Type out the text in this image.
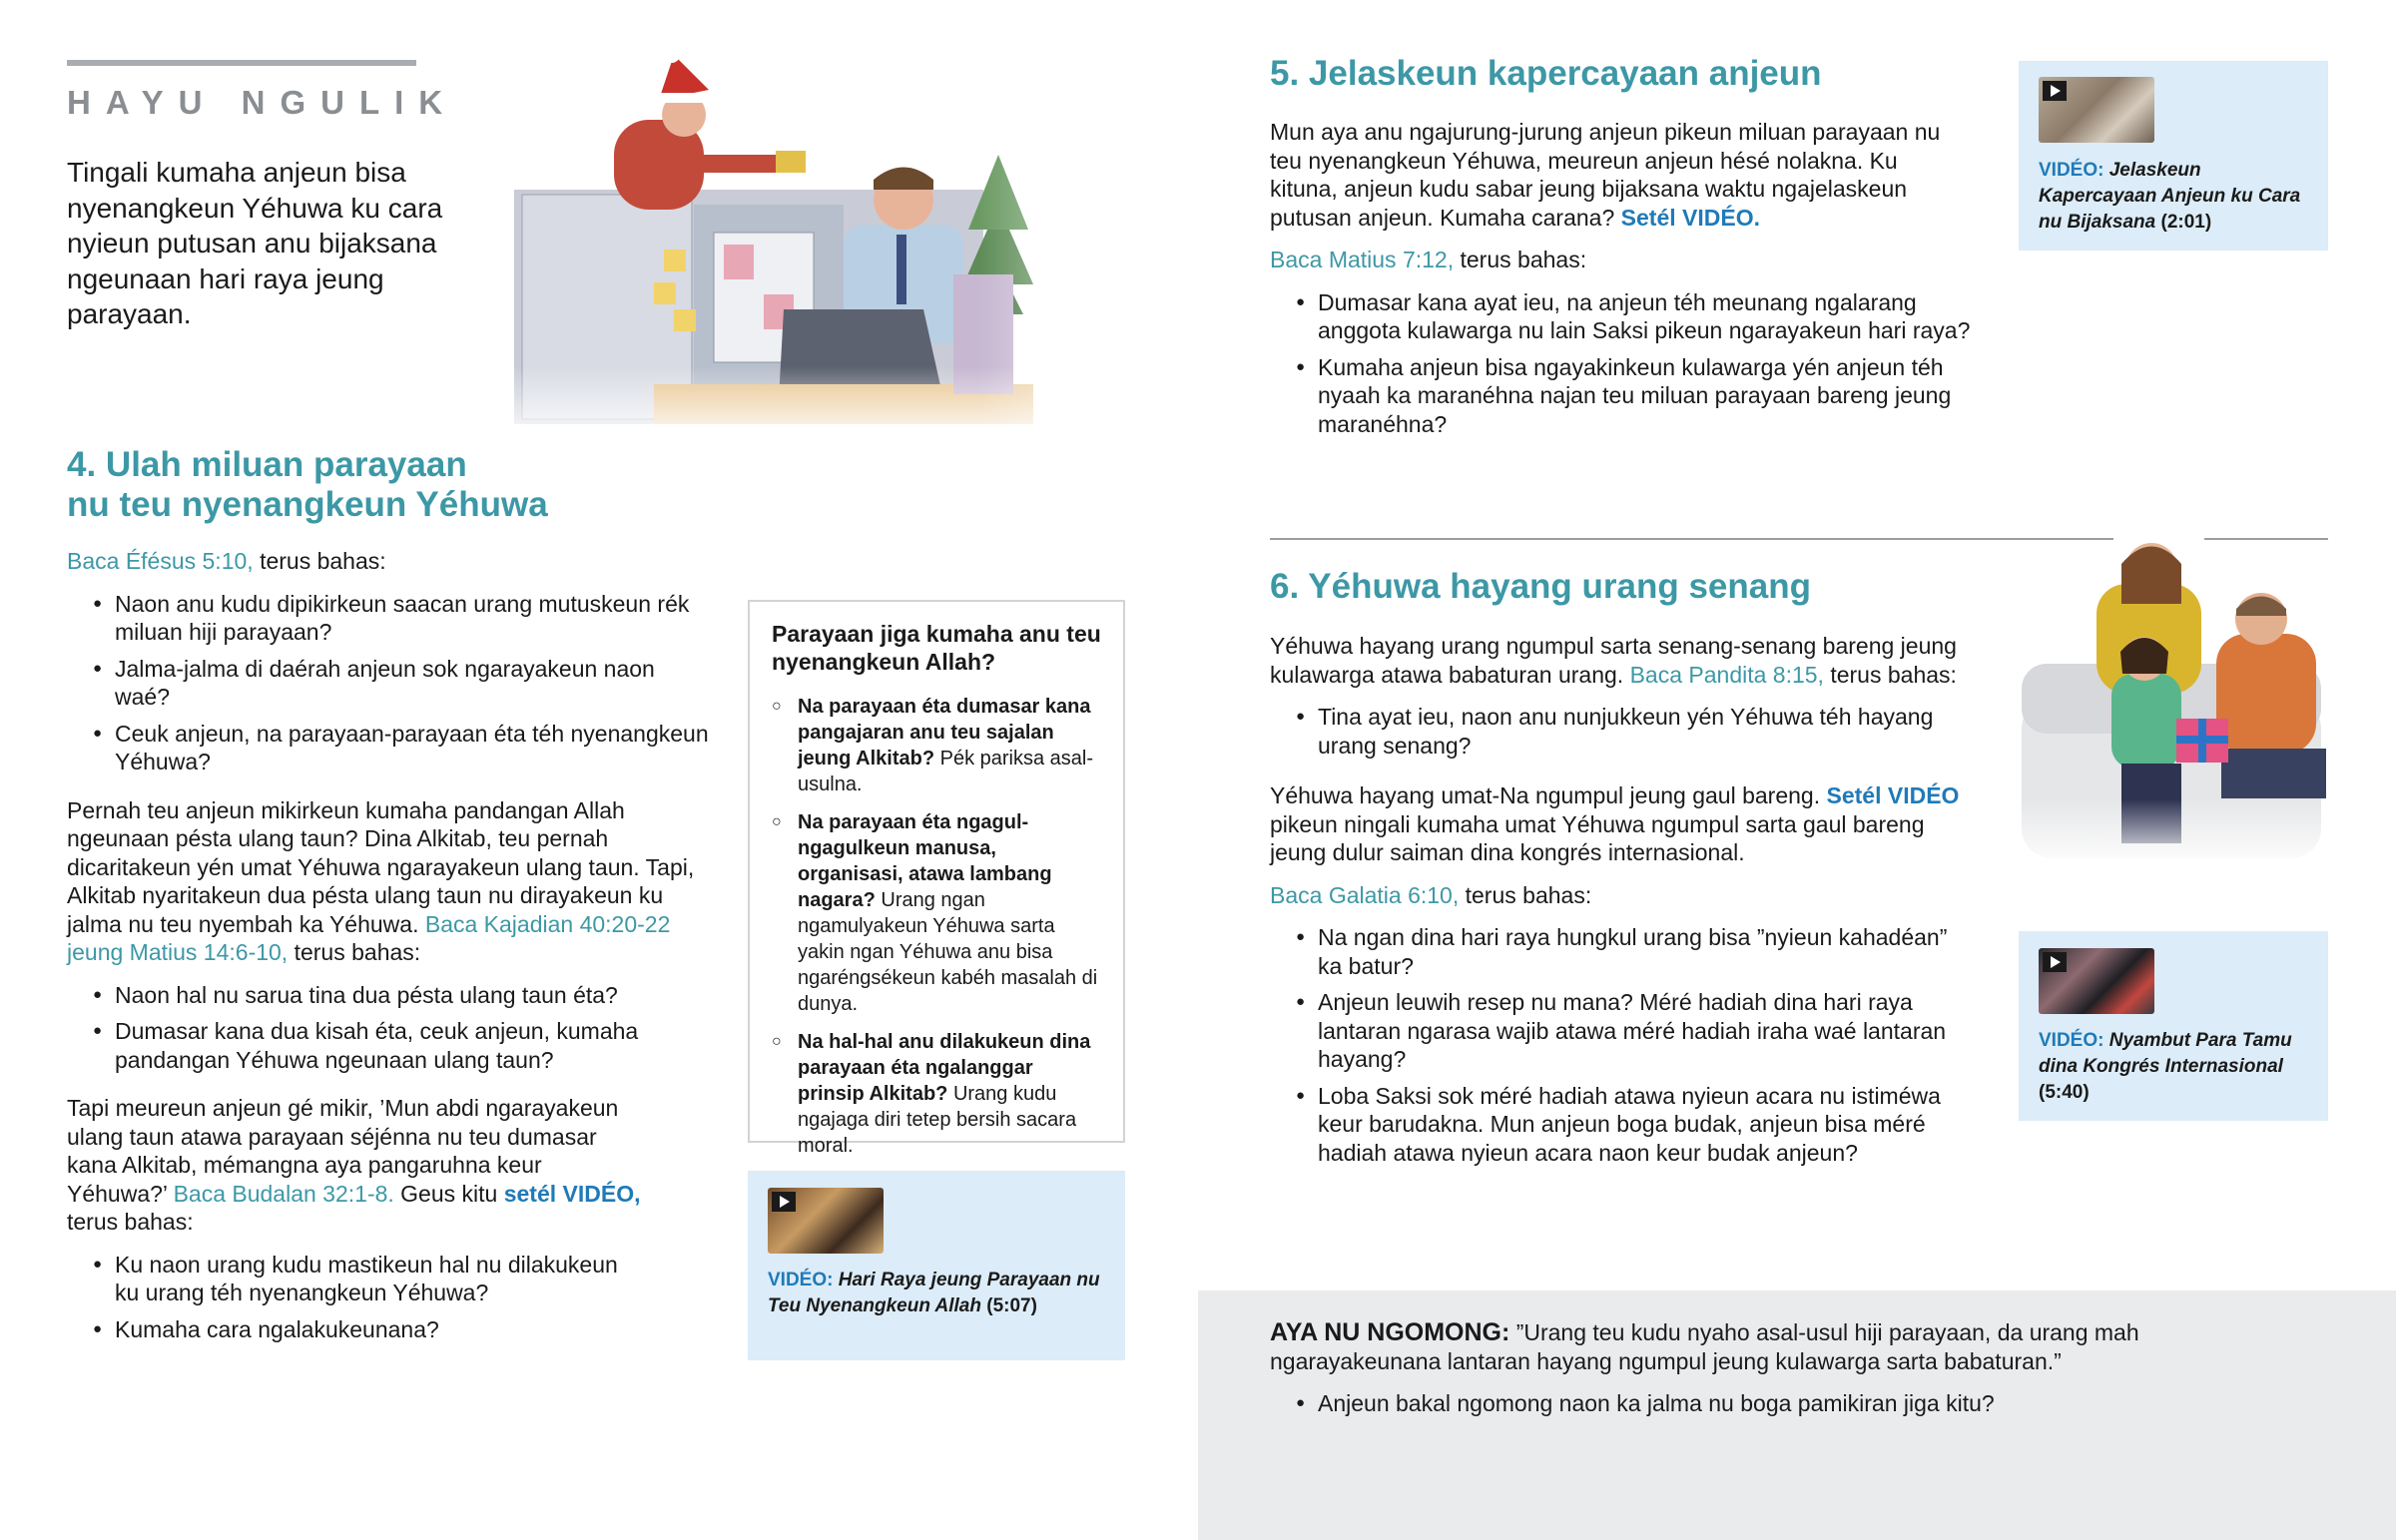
HAYU NGULIK
Tingali kumaha anjeun bisa nyenangkeun Yéhuwa ku cara nyieun putusan anu bijaksana ngeunaan hari raya jeung parayaan.
4. Ulah miluan parayaan
nu teu nyenangkeun Yéhuwa

Baca Éfésus 5:10, terus bahas:

● Naon anu kudu dipikirkeun saacan urang mutuskeun rék miluan hiji parayaan?
● Jalma-jalma di daérah anjeun sok ngarayakeun naon waé?
● Ceuk anjeun, na parayaan-parayaan éta téh nyenangkeun Yéhuwa?

Pernah teu anjeun mikirkeun kumaha pandangan Allah ngeunaan pésta ulang taun? Dina Alkitab, teu pernah dicaritakeun yén umat Yéhuwa ngarayakeun ulang taun. Tapi, Alkitab nyaritakeun dua pésta ulang taun nu dirayakeun ku jalma nu teu nyembah ka Yéhuwa. Baca Kajadian 40:20-22 jeung Matius 14:6-10, terus bahas:

● Naon hal nu sarua tina dua pésta ulang taun éta?
● Dumasar kana dua kisah éta, ceuk anjeun, kumaha pandangan Yéhuwa ngeunaan ulang taun?

Tapi meureun anjeun gé mikir, ’Mun abdi ngarayakeun ulang taun atawa parayaan séjénna nu teu dumasar kana Alkitab, mémangna aya pangaruhna keur Yéhuwa?’ Baca Budalan 32:1-8. Geus kitu setél VIDÉO, terus bahas:

● Ku naon urang kudu mastikeun hal nu dilakukeun ku urang téh nyenangkeun Yéhuwa?
● Kumaha cara ngalakukeunana?
Parayaan jiga kumaha anu teu nyenangkeun Allah?
○ Na parayaan éta dumasar kana pangajaran anu teu sajalan jeung Alkitab? Pék pariksa asal-usulna.
○ Na parayaan éta ngagul-ngagulkeun manusa, organisasi, atawa lambang nagara? Urang ngan ngamulyakeun Yéhuwa sarta yakin ngan Yéhuwa anu bisa ngaréngsékeun kabéh masalah di dunya.
○ Na hal-hal anu dilakukeun dina parayaan éta ngalanggar prinsip Alkitab? Urang kudu ngajaga diri tetep bersih sacara moral.
VIDÉO: Hari Raya jeung Parayaan nu Teu Nyenangkeun Allah (5:07)
5. Jelaskeun kapercayaan anjeun

Mun aya anu ngajurung-jurung anjeun pikeun miluan parayaan nu teu nyenangkeun Yéhuwa, meureun anjeun hésé nolakna. Ku kituna, anjeun kudu sabar jeung bijaksana waktu ngajelaskeun putusan anjeun. Kumaha carana? Setél VIDÉO.

Baca Matius 7:12, terus bahas:

● Dumasar kana ayat ieu, na anjeun téh meunang ngalarang anggota kulawarga nu lain Saksi pikeun ngarayakeun hari raya?
● Kumaha anjeun bisa ngayakinkeun kulawarga yén anjeun téh nyaah ka maranéhna najan teu miluan parayaan bareng jeung maranéhna?
VIDÉO: Jelaskeun Kapercayaan Anjeun ku Cara nu Bijaksana (2:01)
6. Yéhuwa hayang urang senang

Yéhuwa hayang urang ngumpul sarta senang-senang bareng jeung kulawarga atawa babaturan urang. Baca Pandita 8:15, terus bahas:

● Tina ayat ieu, naon anu nunjukkeun yén Yéhuwa téh hayang urang senang?

Yéhuwa hayang umat-Na ngumpul jeung gaul bareng. Setél VIDÉO pikeun ningali kumaha umat Yéhuwa ngumpul sarta gaul bareng jeung dulur saiman dina kongrés internasional.

Baca Galatia 6:10, terus bahas:

● Na ngan dina hari raya hungkul urang bisa ”nyieun kahadéan” ka batur?
● Anjeun leuwih resep nu mana? Méré hadiah dina hari raya lantaran ngarasa wajib atawa méré hadiah iraha waé lantaran hayang?
● Loba Saksi sok méré hadiah atawa nyieun acara nu istiméwa keur barudakna. Mun anjeun boga budak, anjeun bisa méré hadiah atawa nyieun acara naon keur budak anjeun?
VIDÉO: Nyambut Para Tamu dina Kongrés Internasional (5:40)

AYA NU NGOMONG: ”Urang teu kudu nyaho asal-usul hiji parayaan, da urang mah ngarayakeunana lantaran hayang ngumpul jeung kulawarga sarta babaturan.”

● Anjeun bakal ngomong naon ka jalma nu boga pamikiran jiga kitu?
